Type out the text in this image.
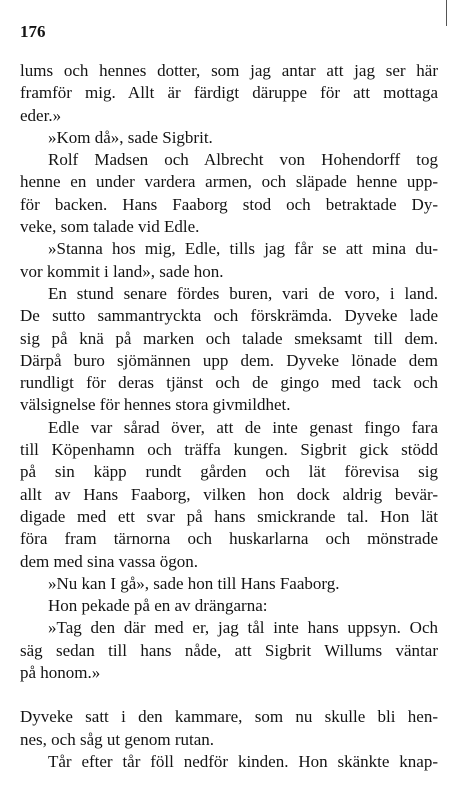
176
lums och hennes dotter, som jag antar att jag ser här
framför mig. Allt är färdigt däruppe för att mottaga
eder.»
»Kom då», sade Sigbrit.
Rolf Madsen och Albrecht von Hohendorff tog
henne en under vardera armen, och släpade henne upp-
för backen. Hans Faaborg stod och betraktade Dy-
veke, som talade vid Edle.
»Stanna hos mig, Edle, tills jag får se att mina du-
vor kommit i land», sade hon.
En stund senare fördes buren, vari de voro, i land.
De sutto sammantryckta och förskrämda. Dyveke lade
sig på knä på marken och talade smeksamt till dem.
Därpå buro sjömännen upp dem. Dyveke lönade dem
rundligt för deras tjänst och de gingo med tack och
välsignelse för hennes stora givmildhet.
Edle var sårad över, att de inte genast fingo fara
till Köpenhamn och träffa kungen. Sigbrit gick stödd
på sin käpp rundt gården och lät förevisa sig
allt av Hans Faaborg, vilken hon dock aldrig bevär-
digade med ett svar på hans smickrande tal. Hon lät
föra fram tärnorna och huskarlarna och mönstrade
dem med sina vassa ögon.
»Nu kan I gå», sade hon till Hans Faaborg.
Hon pekade på en av drängarna:
»Tag den där med er, jag tål inte hans uppsyn. Och
säg sedan till hans nåde, att Sigbrit Willums väntar
på honom.»
Dyveke satt i den kammare, som nu skulle bli hen-
nes, och såg ut genom rutan.
Tår efter tår föll nedför kinden. Hon skänkte knap-
